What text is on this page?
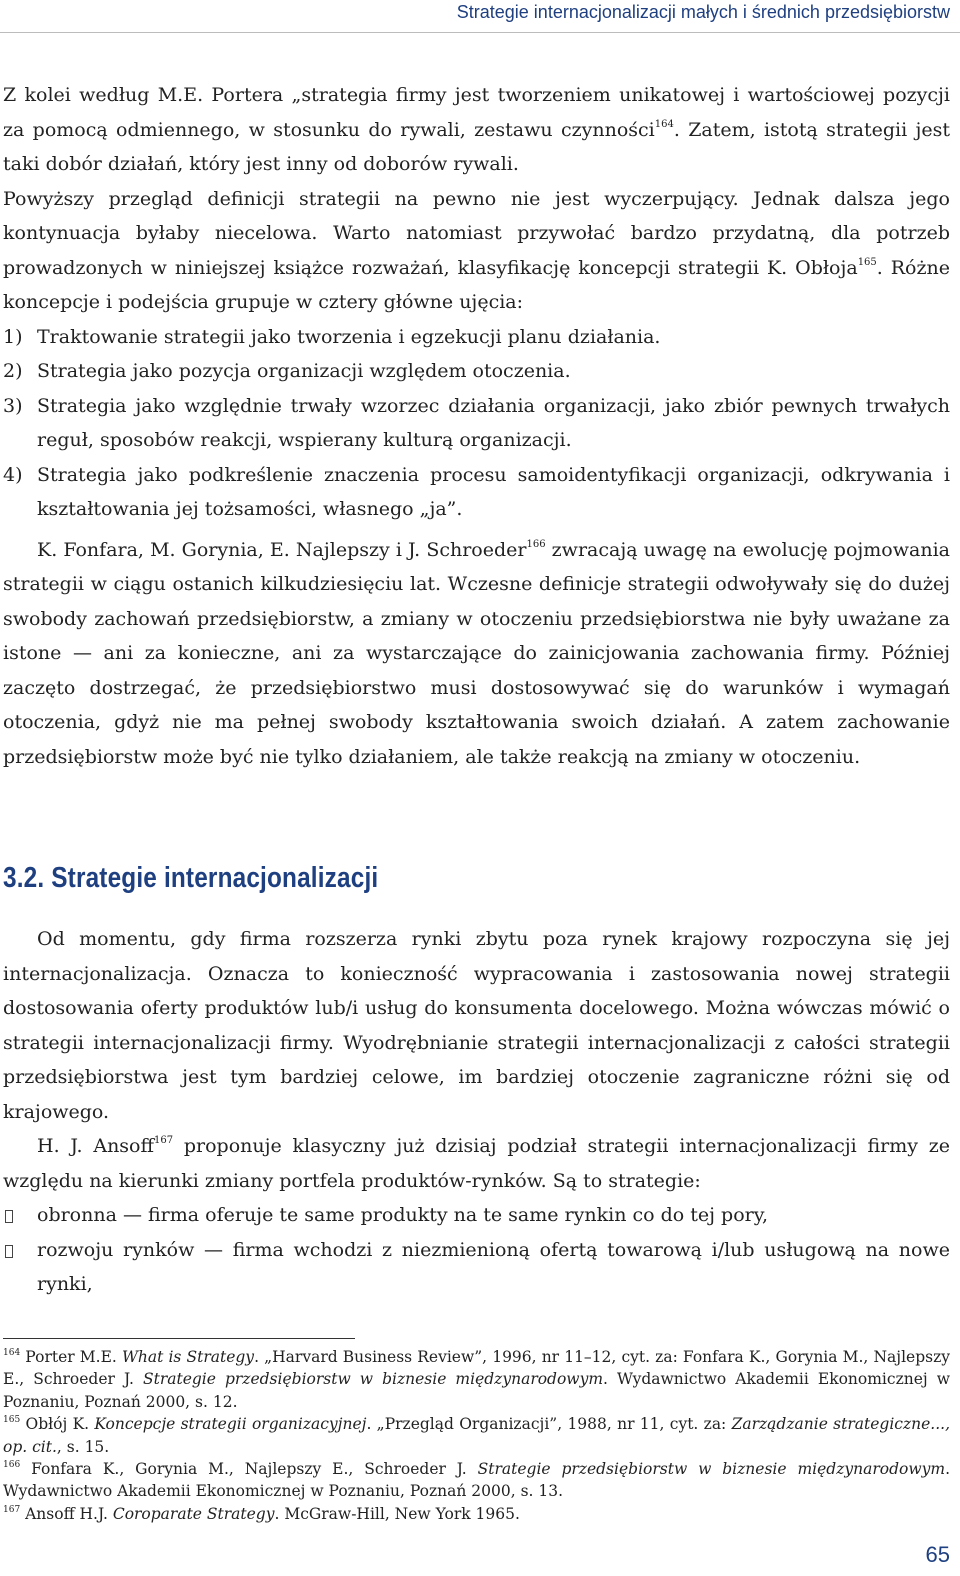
Strategie internacjonalizacji małych i średnich przedsiębiorstw

Z kolei według M.E. Portera „strategia firmy jest tworzeniem unikatowej i wartościowej pozycji za pomocą odmiennego, w stosunku do rywali, zestawu czynności$^{164}$. Zatem, istotą strategii jest taki dobór działań, który jest inny od doborów rywali.

Powyższy przegląd definicji strategii na pewno nie jest wyczerpujący. Jednak dalsza jego kontynuacja byłaby niecelowa. Warto natomiast przywołać bardzo przydatną, dla potrzeb prowadzonych w niniejszej książce rozważań, klasyfikację koncepcji strategii K. Obłoja$^{165}$. Różne koncepcje i podejścia grupuje w cztery główne ujęcia:

1) Traktowanie strategii jako tworzenia i egzekucji planu działania.
2) Strategia jako pozycja organizacji względem otoczenia.
3) Strategia jako względnie trwały wzorzec działania organizacji, jako zbiór pewnych trwałych reguł, sposobów reakcji, wspierany kulturą organizacji.
4) Strategia jako podkreślenie znaczenia procesu samoidentyfikacji organizacji, odkrywania i kształtowania jej tożsamości, własnego „ja”.

K. Fonfara, M. Gorynia, E. Najlepszy i J. Schroeder$^{166}$ zwracają uwagę na ewolucję pojmowania strategii w ciągu ostanich kilkudziesięciu lat. Wczesne definicje strategii odwoływały się do dużej swobody zachowań przedsiębiorstw, a zmiany w otoczeniu przedsiębiorstwa nie były uważane za istone — ani za konieczne, ani za wystarczające do zainicjowania zachowania firmy. Później zaczęto dostrzegać, że przedsiębiorstwo musi dostosowywać się do warunków i wymagań otoczenia, gdyż nie ma pełnej swobody kształtowania swoich działań. A zatem zachowanie przedsiębiorstw może być nie tylko działaniem, ale także reakcją na zmiany w otoczeniu.

3.2. Strategie internacjonalizacji

Od momentu, gdy firma rozszerza rynki zbytu poza rynek krajowy rozpoczyna się jej internacjonalizacja. Oznacza to konieczność wypracowania i zastosowania nowej strategii dostosowania oferty produktów lub/i usług do konsumenta docelowego. Można wówczas mówić o strategii internacjonalizacji firmy. Wyodrębnianie strategii internacjonalizacji z całości strategii przedsiębiorstwa jest tym bardziej celowe, im bardziej otoczenie zagraniczne różni się od krajowego.

H. J. Ansoff$^{167}$ proponuje klasyczny już dzisiaj podział strategii internacjonalizacji firmy ze względu na kierunki zmiany portfela produktów-rynków. Są to strategie:

obronna — firma oferuje te same produkty na te same rynkin co do tej pory,
rozwoju rynków — firma wchodzi z niezmienioną ofertą towarową i/lub usługową na nowe rynki,

$^{164}$ Porter M.E. What is Strategy. „Harvard Business Review”, 1996, nr 11–12, cyt. za: Fonfara K., Gorynia M., Najlepszy E., Schroeder J. Strategie przedsiębiorstw w biznesie międzynarodowym. Wydawnictwo Akademii Ekonomicznej w Poznaniu, Poznań 2000, s. 12.

$^{165}$ Obłój K. Koncepcje strategii organizacyjnej. „Przegląd Organizacji”, 1988, nr 11, cyt. za: Zarządzanie strategiczne..., op. cit., s. 15.

$^{166}$ Fonfara K., Gorynia M., Najlepszy E., Schroeder J. Strategie przedsiębiorstw w biznesie międzynarodowym. Wydawnictwo Akademii Ekonomicznej w Poznaniu, Poznań 2000, s. 13.

$^{167}$ Ansoff H.J. Coroparate Strategy. McGraw-Hill, New York 1965.

65
